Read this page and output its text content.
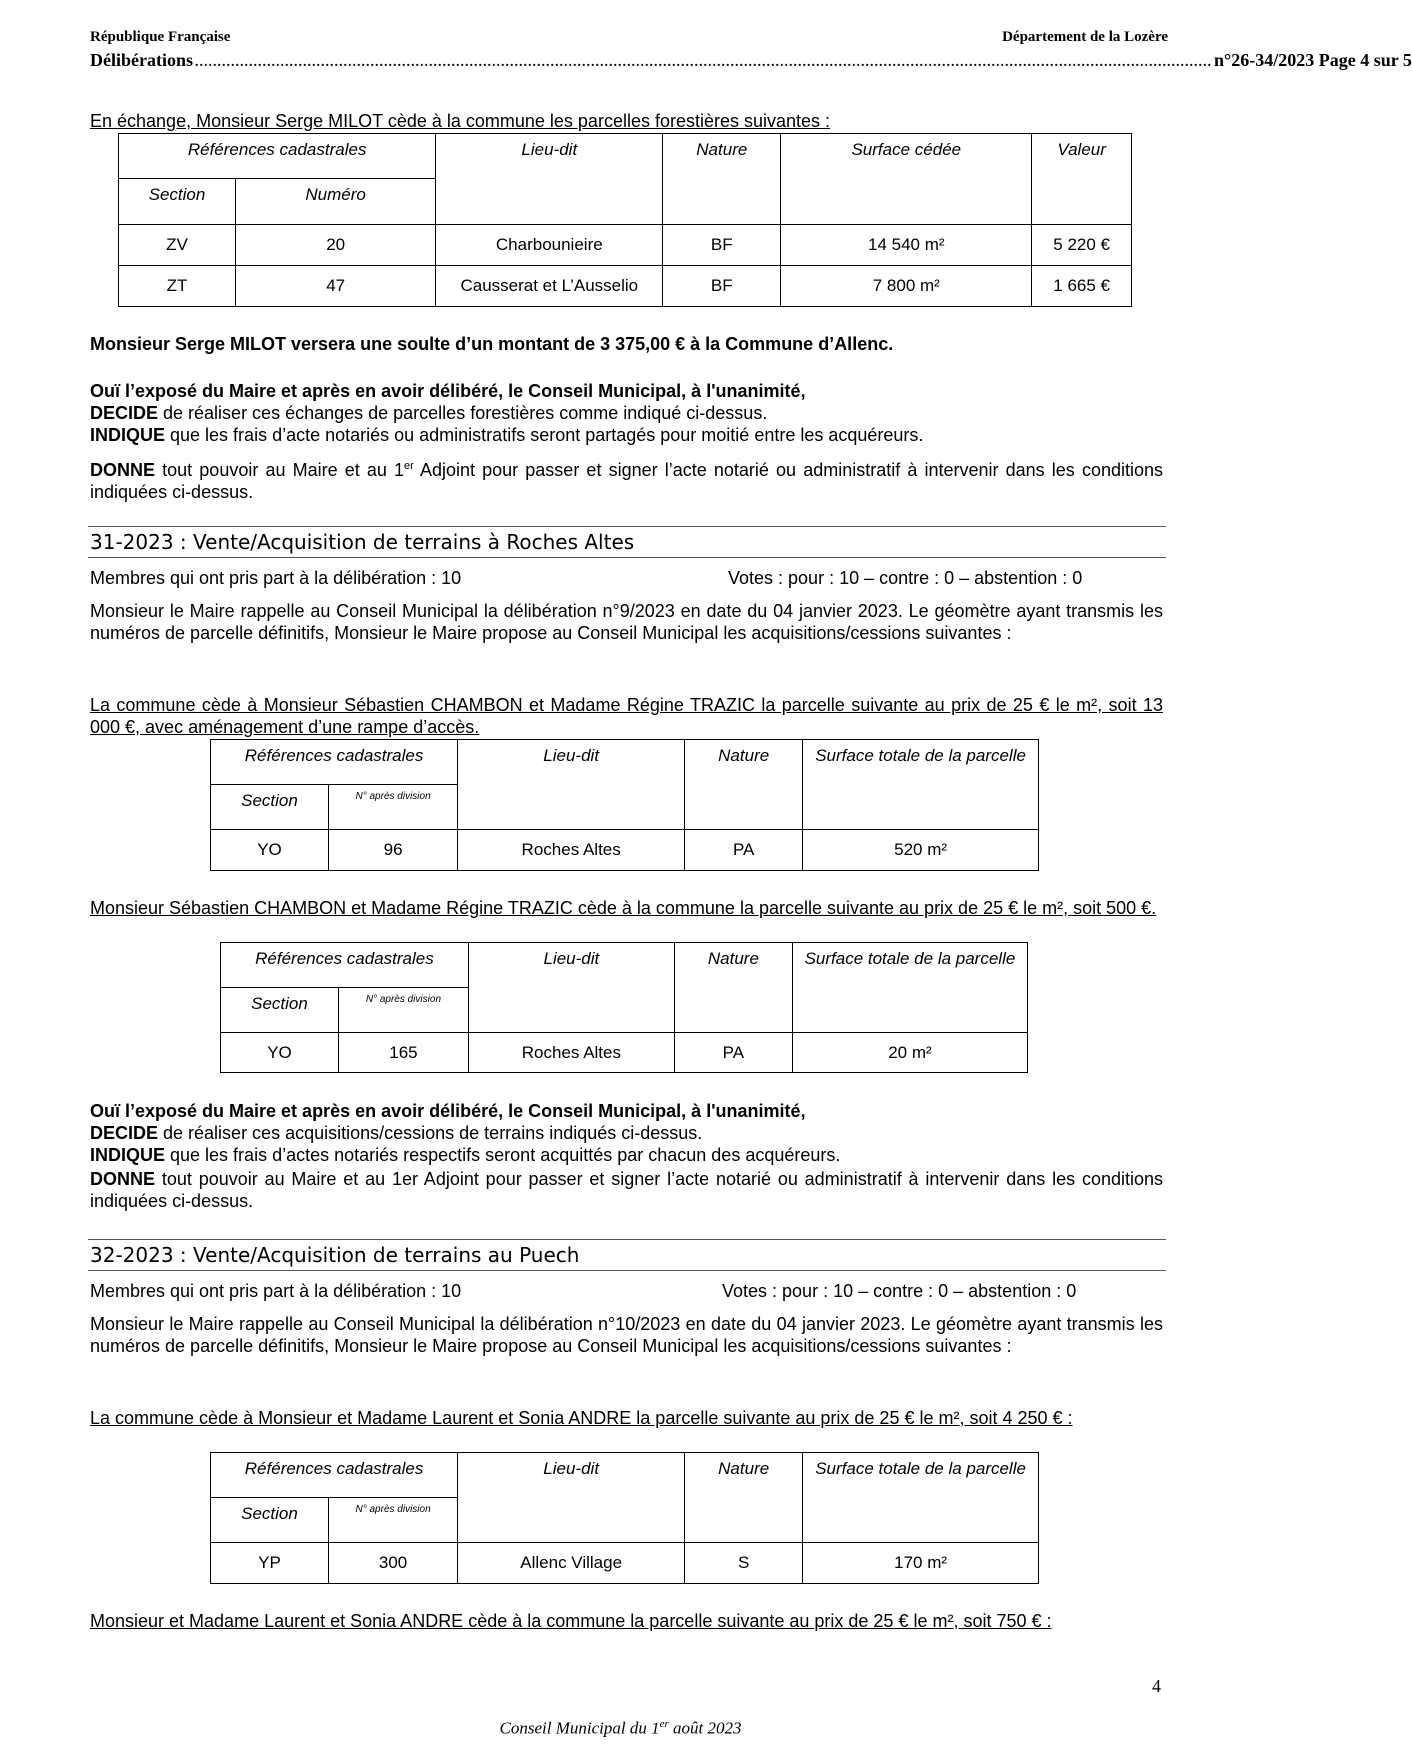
République Française	Département de la Lozère
Délibérations .................................................................................................................................................................................................................................. n°26-34/2023
Page 4 sur 5
En échange, Monsieur Serge MILOT cède à la commune les parcelles forestières suivantes :
Références cadastrales		Lieu-dit	Nature	Surface cédée	Valeur
Section	Numéro				
ZV	20	Charbounieire	BF	14 540 m²	5 220 €
ZT	47	Causserat et L’Ausselio	BF	7 800 m²	1 665 €
Monsieur Serge MILOT versera une soulte d’un montant de 3 375,00 € à la Commune d’Allenc.
Ouï l’exposé du Maire et après en avoir délibéré, le Conseil Municipal, à l'unanimité,
DECIDE de réaliser ces échanges de parcelles forestières comme indiqué ci-dessus.
INDIQUE que les frais d’acte notariés ou administratifs seront partagés pour moitié entre les acquéreurs.
DONNE tout pouvoir au Maire et au 1er Adjoint pour passer et signer l’acte notarié ou administratif à intervenir dans les conditions indiquées ci-dessus.
31-2023 : Vente/Acquisition de terrains à Roches Altes
Membres qui ont pris part à la délibération : 10	Votes : pour : 10 – contre : 0 – abstention : 0
Monsieur le Maire rappelle au Conseil Municipal la délibération n°9/2023 en date du 04 janvier 2023. Le géomètre ayant transmis les numéros de parcelle définitifs, Monsieur le Maire propose au Conseil Municipal les acquisitions/cessions suivantes :
La commune cède à Monsieur Sébastien CHAMBON et Madame Régine TRAZIC la parcelle suivante au prix de 25 € le m², soit 13 000 €, avec aménagement d’une rampe d’accès.
Références cadastrales		Lieu-dit	Nature	Surface totale de la parcelle
Section	N° après division			
YO	96	Roches Altes	PA	520 m²
Monsieur Sébastien CHAMBON et Madame Régine TRAZIC cède à la commune la parcelle suivante au prix de 25 € le m², soit 500 €.
Références cadastrales		Lieu-dit	Nature	Surface totale de la parcelle
Section	N° après division			
YO	165	Roches Altes	PA	20 m²
Ouï l’exposé du Maire et après en avoir délibéré, le Conseil Municipal, à l'unanimité,
DECIDE de réaliser ces acquisitions/cessions de terrains indiqués ci-dessus.
INDIQUE que les frais d’actes notariés respectifs seront acquittés par chacun des acquéreurs.
DONNE tout pouvoir au Maire et au 1er Adjoint pour passer et signer l’acte notarié ou administratif à intervenir dans les conditions indiquées ci-dessus.
32-2023 : Vente/Acquisition de terrains au Puech
Membres qui ont pris part à la délibération : 10	Votes : pour : 10 – contre : 0 – abstention : 0
Monsieur le Maire rappelle au Conseil Municipal la délibération n°10/2023 en date du 04 janvier 2023. Le géomètre ayant transmis les numéros de parcelle définitifs, Monsieur le Maire propose au Conseil Municipal les acquisitions/cessions suivantes :
La commune cède à Monsieur et Madame Laurent et Sonia ANDRE la parcelle suivante au prix de 25 € le m², soit 4 250 € :
Références cadastrales		Lieu-dit	Nature	Surface totale de la parcelle
Section	N° après division			
YP	300	Allenc Village	S	170 m²
Monsieur et Madame Laurent et Sonia ANDRE cède à la commune la parcelle suivante au prix de 25 € le m², soit 750 € :
4
Conseil Municipal du 1er août 2023
